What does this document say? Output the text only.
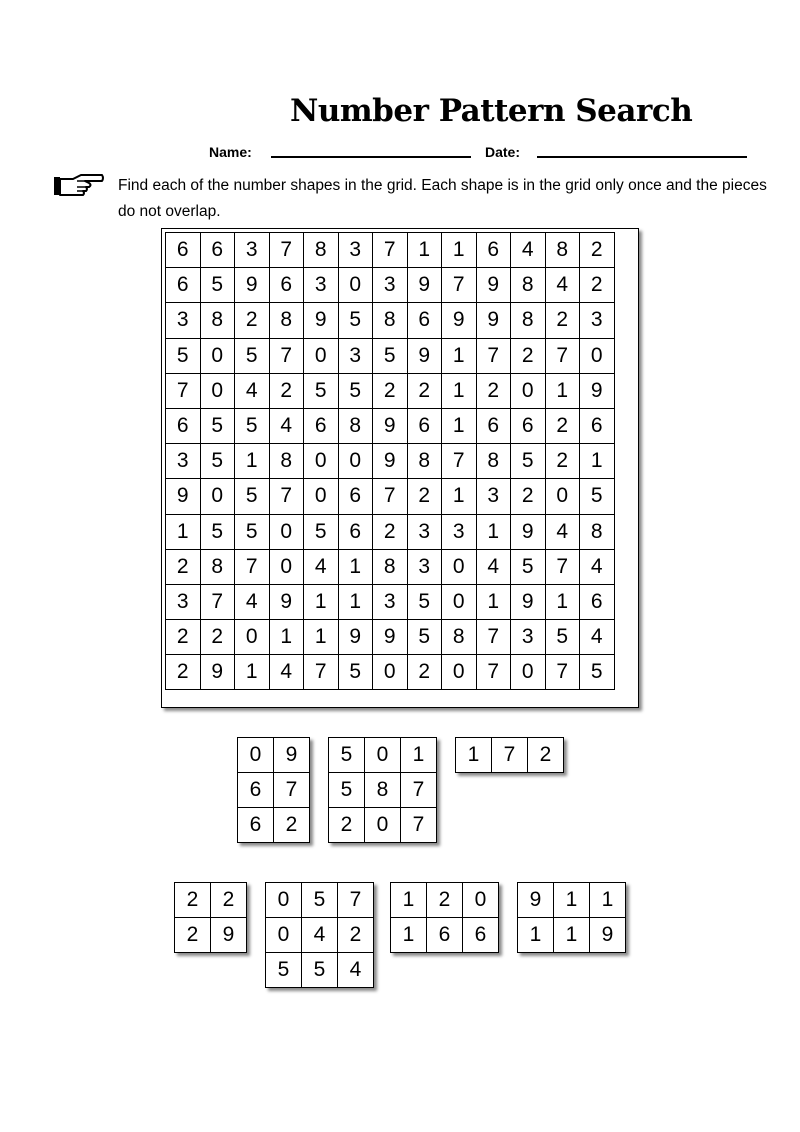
Number Pattern Search
Name:	Date:
Find each of the number shapes in the grid. Each shape is in the grid only once and the pieces do not overlap.
6	6	3	7	8	3	7	1	1	6	4	8	2
6	5	9	6	3	0	3	9	7	9	8	4	2
3	8	2	8	9	5	8	6	9	9	8	2	3
5	0	5	7	0	3	5	9	1	7	2	7	0
7	0	4	2	5	5	2	2	1	2	0	1	9
6	5	5	4	6	8	9	6	1	6	6	2	6
3	5	1	8	0	0	9	8	7	8	5	2	1
9	0	5	7	0	6	7	2	1	3	2	0	5
1	5	5	0	5	6	2	3	3	1	9	4	8
2	8	7	0	4	1	8	3	0	4	5	7	4
3	7	4	9	1	1	3	5	0	1	9	1	6
2	2	0	1	1	9	9	5	8	7	3	5	4
2	9	1	4	7	5	0	2	0	7	0	7	5
0	9
6	7
6	2
5	0	1
5	8	7
2	0	7
1	7	2
2	2
2	9
0	5	7
0	4	2
5	5	4
1	2	0
1	6	6
9	1	1
1	1	9
